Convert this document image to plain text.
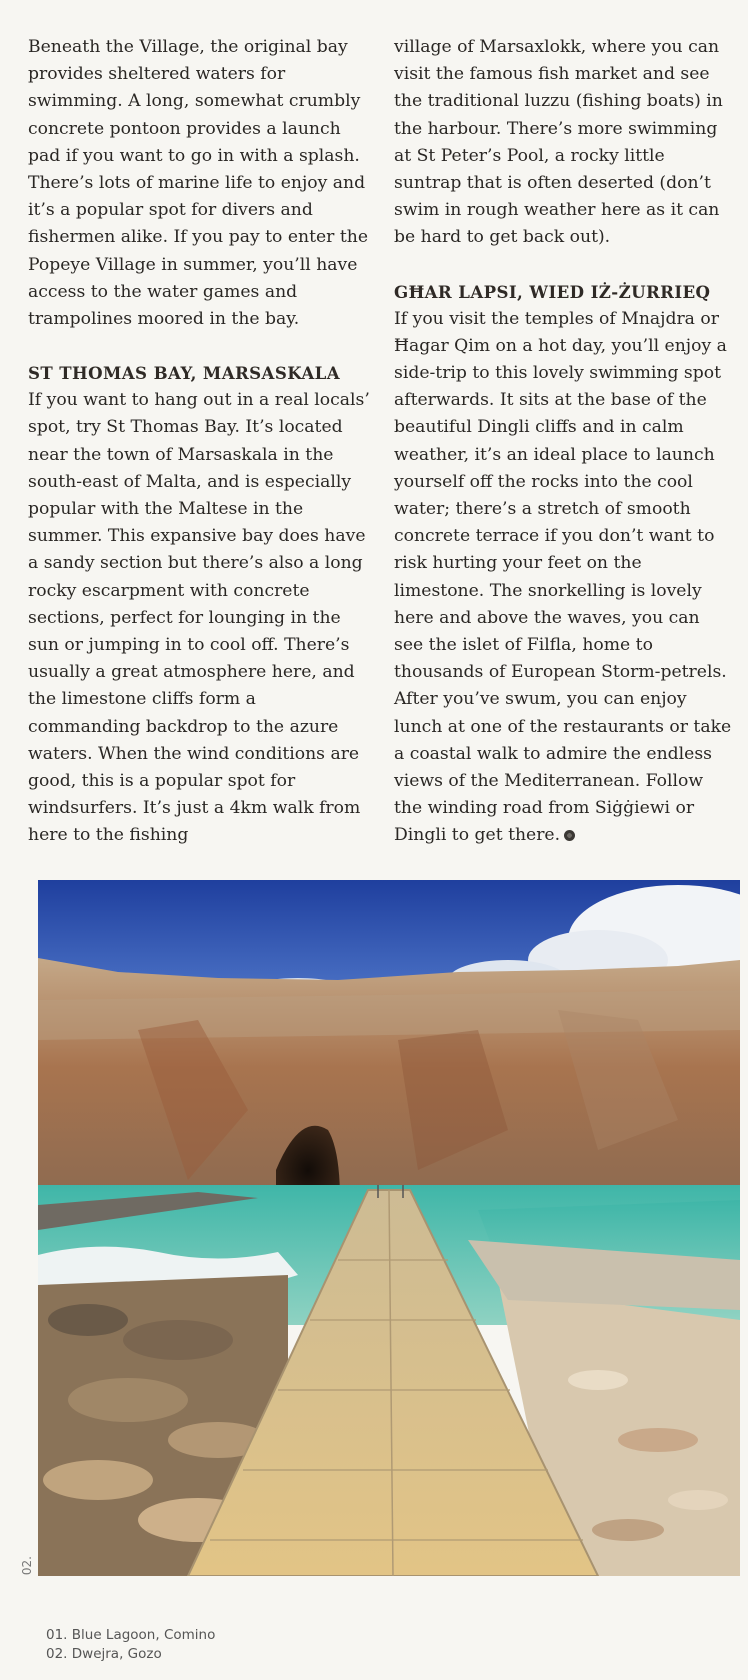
Beneath the Village, the original bay provides sheltered waters for swimming. A long, somewhat crumbly concrete pontoon provides a launch pad if you want to go in with a splash. There’s lots of marine life to enjoy and it’s a popular spot for divers and fishermen alike. If you pay to enter the Popeye Village in summer, you’ll have access to the water games and trampolines moored in the bay.

ST THOMAS BAY, MARSASKALA

If you want to hang out in a real locals’ spot, try St Thomas Bay. It’s located near the town of Marsaskala in the south-east of Malta, and is especially popular with the Maltese in the summer. This expansive bay does have a sandy section but there’s also a long rocky escarpment with concrete sections, perfect for lounging in the sun or jumping in to cool off. There’s usually a great atmosphere here, and the limestone cliffs form a commanding backdrop to the azure waters. When the wind conditions are good, this is a popular spot for windsurfers. It’s just a 4km walk from here to the fishing

village of Marsaxlokk, where you can visit the famous fish market and see the traditional luzzu (fishing boats) in the harbour. There’s more swimming at St Peter’s Pool, a rocky little suntrap that is often deserted (don’t swim in rough weather here as it can be hard to get back out).

GĦAR LAPSI, WIED IŻ-ŻURRIEQ

If you visit the temples of Mnajdra or Ħagar Qim on a hot day, you’ll enjoy a side-trip to this lovely swimming spot afterwards. It sits at the base of the beautiful Dingli cliffs and in calm weather, it’s an ideal place to launch yourself off the rocks into the cool water; there’s a stretch of smooth concrete terrace if you don’t want to risk hurting your feet on the limestone. The snorkelling is lovely here and above the waves, you can see the islet of Filfla, home to thousands of European Storm-petrels. After you’ve swum, you can enjoy lunch at one of the restaurants or take a coastal walk to admire the endless views of the Mediterranean. Follow the winding road from Siġġiewi or Dingli to get there.

02.
01. Blue Lagoon, Comino
02. Dwejra, Gozo
